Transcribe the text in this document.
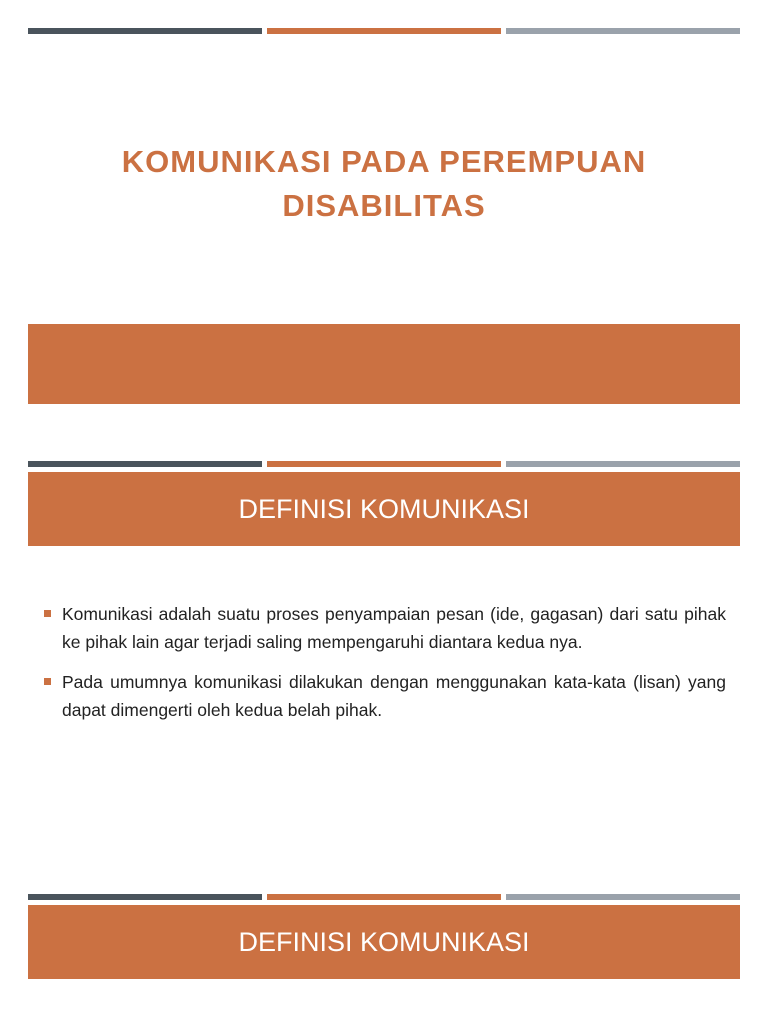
KOMUNIKASI PADA PEREMPUAN
DISABILITAS
DEFINISI KOMUNIKASI
Komunikasi adalah suatu proses penyampaian pesan (ide, gagasan) dari satu pihak ke pihak lain agar terjadi saling mempengaruhi diantara kedua nya.
Pada umumnya komunikasi dilakukan dengan menggunakan kata-kata (lisan) yang dapat dimengerti oleh kedua belah pihak.
DEFINISI KOMUNIKASI
